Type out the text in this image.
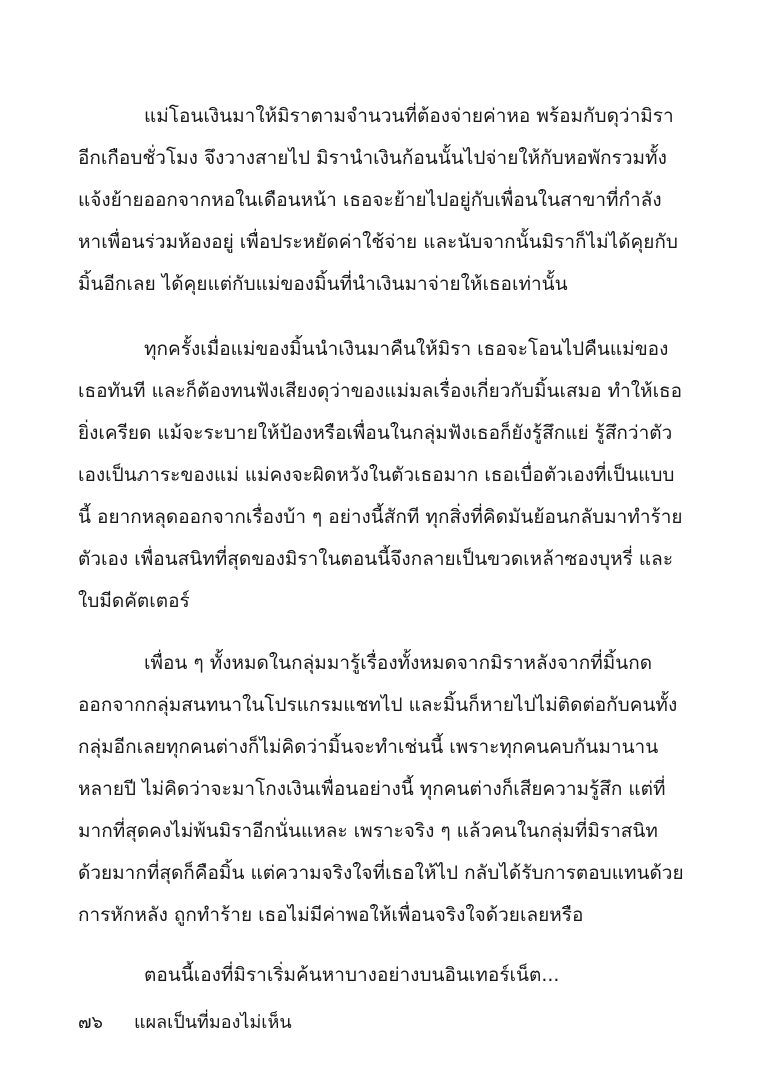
แม่โอนเงินมาให้มิราตามจำนวนที่ต้องจ่ายค่าหอ พร้อมกับดุว่ามิรา
อีกเกือบชั่วโมง จึงวางสายไป มิรานำเงินก้อนนั้นไปจ่ายให้กับหอพักรวมทั้ง
แจ้งย้ายออกจากหอในเดือนหน้า เธอจะย้ายไปอยู่กับเพื่อนในสาขาที่กำลัง
หาเพื่อนร่วมห้องอยู่ เพื่อประหยัดค่าใช้จ่าย และนับจากนั้นมิราก็ไม่ได้คุยกับ
มิ้นอีกเลย ได้คุยแต่กับแม่ของมิ้นที่นำเงินมาจ่ายให้เธอเท่านั้น
ทุกครั้งเมื่อแม่ของมิ้นนำเงินมาคืนให้มิรา เธอจะโอนไปคืนแม่ของ
เธอทันที และก็ต้องทนฟังเสียงดุว่าของแม่มลเรื่องเกี่ยวกับมิ้นเสมอ ทำให้เธอ
ยิ่งเครียด แม้จะระบายให้ป้องหรือเพื่อนในกลุ่มฟังเธอก็ยังรู้สึกแย่ รู้สึกว่าตัว
เองเป็นภาระของแม่ แม่คงจะผิดหวังในตัวเธอมาก เธอเบื่อตัวเองที่เป็นแบบ
นี้ อยากหลุดออกจากเรื่องบ้า ๆ อย่างนี้สักที ทุกสิ่งที่คิดมันย้อนกลับมาทำร้าย
ตัวเอง เพื่อนสนิทที่สุดของมิราในตอนนี้จึงกลายเป็นขวดเหล้าซองบุหรี่ และ
ใบมีดคัตเตอร์
เพื่อน ๆ ทั้งหมดในกลุ่มมารู้เรื่องทั้งหมดจากมิราหลังจากที่มิ้นกด
ออกจากกลุ่มสนทนาในโปรแกรมแชทไป และมิ้นก็หายไปไม่ติดต่อกับคนทั้ง
กลุ่มอีกเลยทุกคนต่างก็ไม่คิดว่ามิ้นจะทำเช่นนี้ เพราะทุกคนคบกันมานาน
หลายปี ไม่คิดว่าจะมาโกงเงินเพื่อนอย่างนี้ ทุกคนต่างก็เสียความรู้สึก แต่ที่
มากที่สุดคงไม่พ้นมิราอีกนั่นแหละ เพราะจริง ๆ แล้วคนในกลุ่มที่มิราสนิท
ด้วยมากที่สุดก็คือมิ้น แต่ความจริงใจที่เธอให้ไป กลับได้รับการตอบแทนด้วย
การหักหลัง ถูกทำร้าย เธอไม่มีค่าพอให้เพื่อนจริงใจด้วยเลยหรือ
ตอนนี้เองที่มิราเริ่มค้นหาบางอย่างบนอินเทอร์เน็ต...
๗๖ แผลเป็นที่มองไม่เห็น
